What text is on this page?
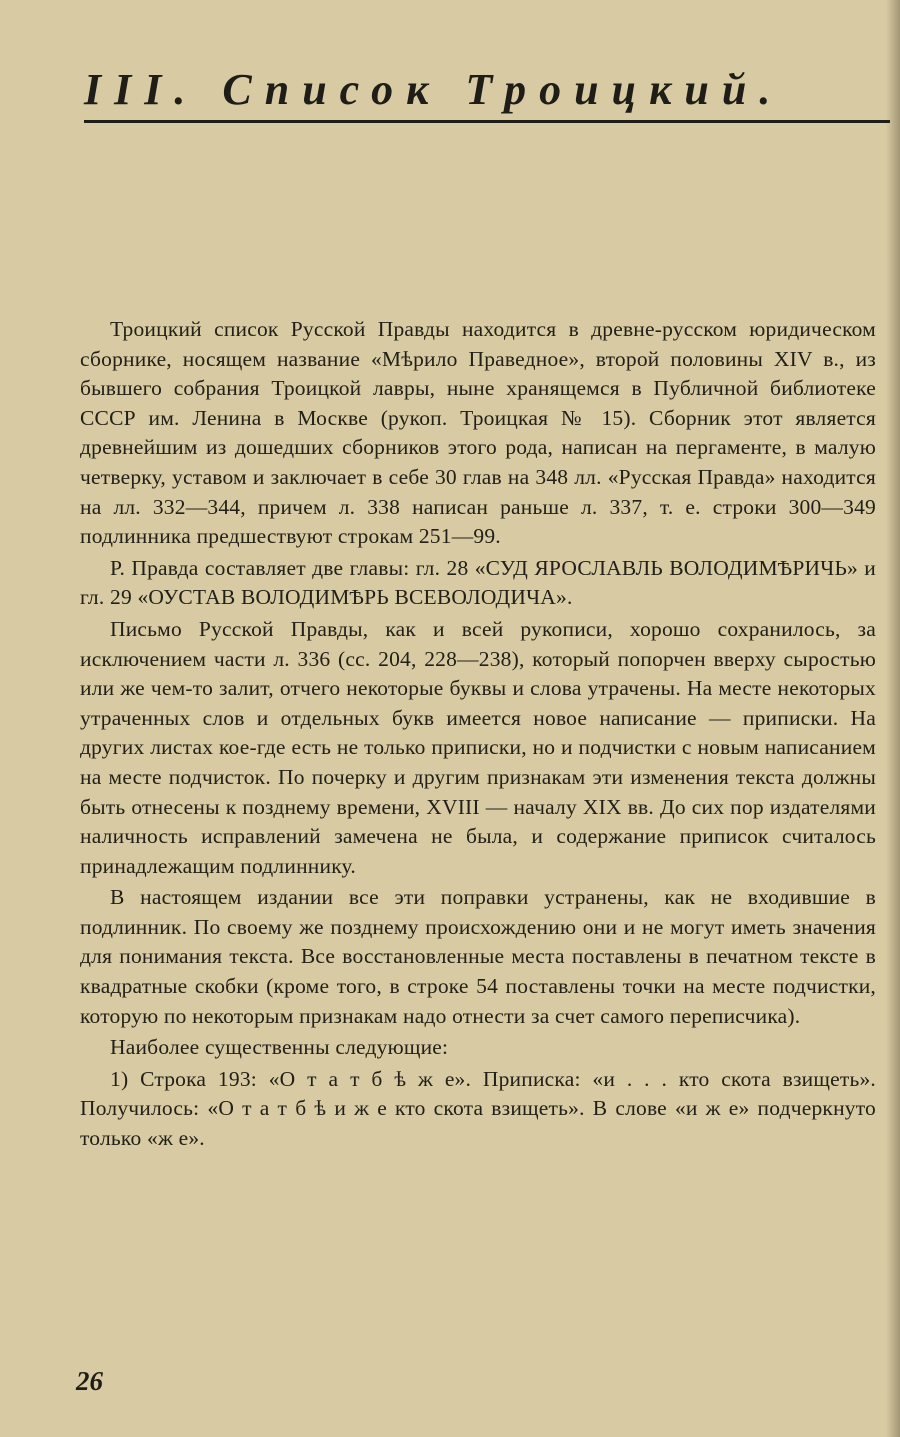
III. Список Троицкий.

Троицкий список Русской Правды находится в древне-русском юридическом сборнике, носящем название «Мѣрило Праведное», второй половины XIV в., из бывшего собрания Троицкой лавры, ныне хранящемся в Публичной библиотеке СССР им. Ленина в Москве (рукоп. Троицкая № 15). Сборник этот является древнейшим из дошедших сборников этого рода, написан на пергаменте, в малую четверку, уставом и заключает в себе 30 глав на 348 лл. «Русская Правда» находится на лл. 332—344, причем л. 338 написан раньше л. 337, т. е. строки 300—349 подлинника предшествуют строкам 251—99.

Р. Правда составляет две главы: гл. 28 «СУД ЯРОСЛАВЛЬ ВОЛОДИМѢРИЧЬ» и гл. 29 «ОУСТАВ ВОЛОДИМѢРЬ ВСЕВОЛОДИЧА».

Письмо Русской Правды, как и всей рукописи, хорошо сохранилось, за исключением части л. 336 (сс. 204, 228—238), который попорчен вверху сыростью или же чем-то залит, отчего некоторые буквы и слова утрачены. На месте некоторых утраченных слов и отдельных букв имеется новое написание — приписки. На других листах кое-где есть не только приписки, но и подчистки с новым написанием на месте подчисток. По почерку и другим признакам эти изменения текста должны быть отнесены к позднему времени, XVIII — началу XIX вв. До сих пор издателями наличность исправлений замечена не была, и содержание приписок считалось принадлежащим подлиннику.

В настоящем издании все эти поправки устранены, как не входившие в подлинник. По своему же позднему происхождению они и не могут иметь значения для понимания текста. Все восстановленные места поставлены в печатном тексте в квадратные скобки (кроме того, в строке 54 поставлены точки на месте подчистки, которую по некоторым признакам надо отнести за счет самого переписчика).

Наиболее существенны следующие:

1) Строка 193: «О т а т б ѣ ж е». Приписка: «и . . . кто скота взищеть». Получилось: «О т а т б ѣ и ж е кто скота взищеть». В слове «и ж е» подчеркнуто только «ж е».

26
